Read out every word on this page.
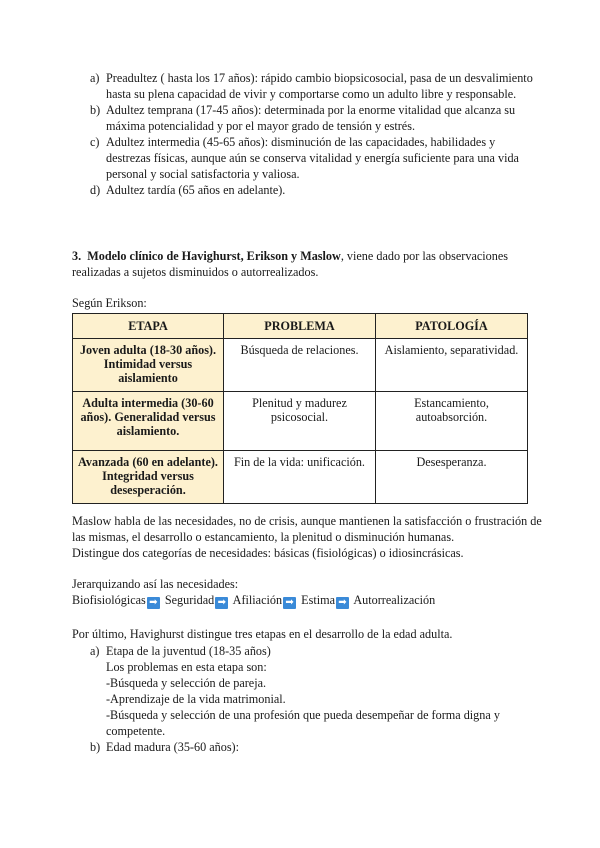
a) Preadultez ( hasta los 17 años): rápido cambio biopsicosocial, pasa de un desvalimiento hasta su plena capacidad de vivir y comportarse como un adulto libre y responsable.
b) Adultez temprana (17-45 años): determinada por la enorme vitalidad que alcanza su máxima potencialidad y por el mayor grado de tensión y estrés.
c) Adultez intermedia (45-65 años): disminución de las capacidades, habilidades y destrezas físicas, aunque aún se conserva vitalidad y energía suficiente para una vida personal y social satisfactoria y valiosa.
d) Adultez tardía (65 años en adelante).

3. Modelo clínico de Havighurst, Erikson y Maslow, viene dado por las observaciones realizadas a sujetos disminuidos o autorrealizados.

Según Erikson:

ETAPA	PROBLEMA	PATOLOGÍA
Joven adulta (18-30 años). Intimidad versus aislamiento	Búsqueda de relaciones.	Aislamiento, separatividad.
Adulta intermedia (30-60 años). Generalidad versus aislamiento.	Plenitud y madurez psicosocial.	Estancamiento, autoabsorción.
Avanzada (60 en adelante). Integridad versus desesperación.	Fin de la vida: unificación.	Desesperanza.

Maslow habla de las necesidades, no de crisis, aunque mantienen la satisfacción o frustración de las mismas, el desarrollo o estancamiento, la plenitud o disminución humanas.
Distingue dos categorías de necesidades: básicas (fisiológicas) o idiosincrásicas.

Jerarquizando así las necesidades:
Biofisiológicas ➡ Seguridad ➡ Afiliación ➡ Estima ➡ Autorrealización

Por último, Havighurst distingue tres etapas en el desarrollo de la edad adulta.

a) Etapa de la juventud (18-35 años)
Los problemas en esta etapa son:
-Búsqueda y selección de pareja.
-Aprendizaje de la vida matrimonial.
-Búsqueda y selección de una profesión que pueda desempeñar de forma digna y competente.
b) Edad madura (35-60 años):
